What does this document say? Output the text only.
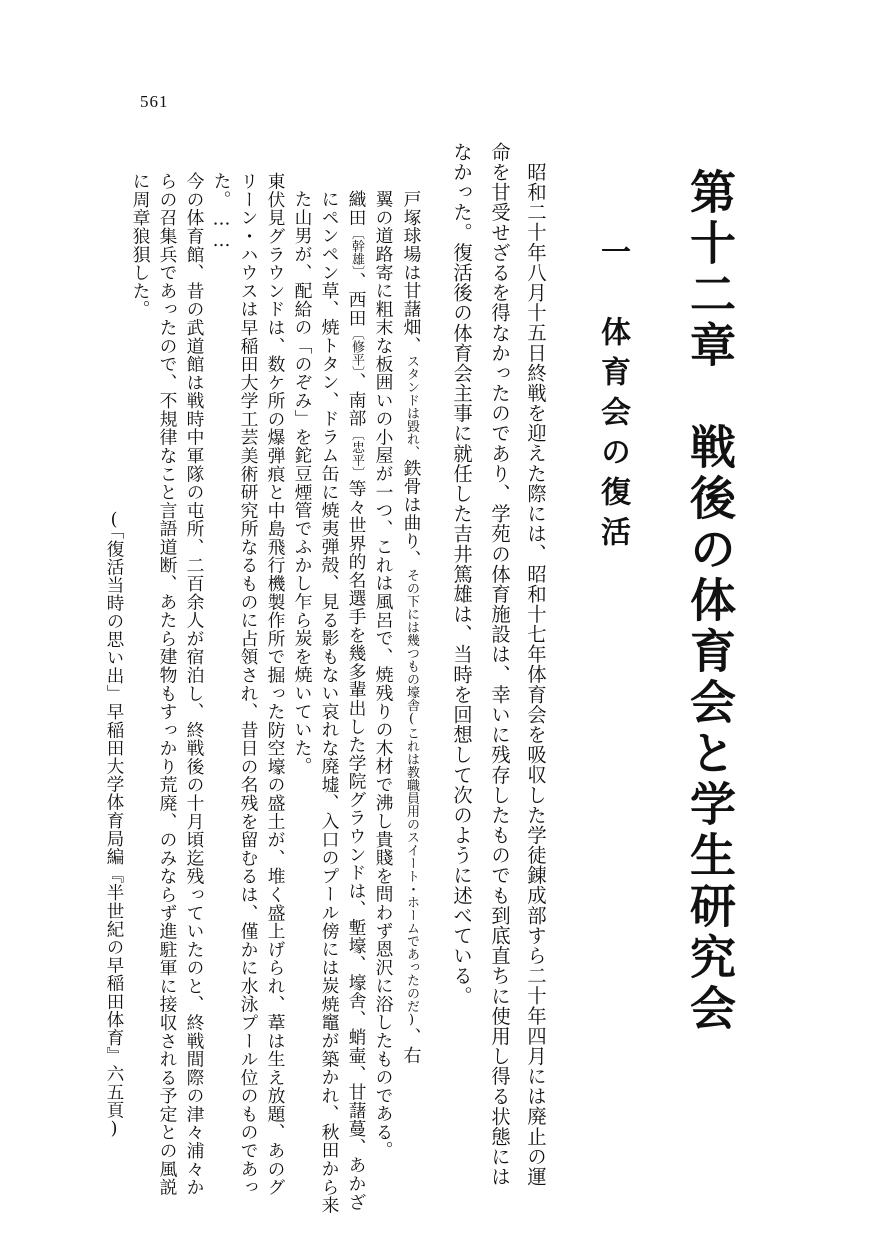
561
第十二章　戦後の体育会と学生研究会
一　体育会の復活

昭和二十年八月十五日終戦を迎えた際には、昭和十七年体育会を吸収した学徒錬成部すら二十年四月には廃止の運

命を甘受せざるを得なかったのであり、学苑の体育施設は、幸いに残存したものでも到底直ちに使用し得る状態には

なかった。復活後の体育会主事に就任した吉井篤雄は、当時を回想して次のように述べている。

戸塚球場は甘藷畑、スタンドは毀れ、鉄骨は曲り、その下には幾つもの壕舎(これは教職員用のスイート・ホームであったのだ)、右

翼の道路寄に粗末な板囲いの小屋が一つ、これは風呂で、焼残りの木材で沸し貴賤を問わず恩沢に浴したものである。

織田〔幹雄〕、西田〔修平〕、南部〔忠平〕等々世界的名選手を幾多輩出した学院グラウンドは、塹壕、壕舎、蛸壷、甘藷蔓、あかざ

にペンペン草、焼トタン、ドラム缶に焼夷弾殻、見る影もない哀れな廃墟、入口のプール傍には炭焼竈が築かれ、秋田から来

た山男が、配給の「のぞみ」を鉈豆煙管でふかし乍ら炭を焼いていた。

東伏見グラウンドは、数ケ所の爆弾痕と中島飛行機製作所で掘った防空壕の盛土が、堆く盛上げられ、葦は生え放題、あのグ

リーン・ハウスは早稲田大学工芸美術研究所なるものに占領され、昔日の名残を留むるは、僅かに水泳プール位のものであっ

た。……

今の体育館、昔の武道館は戦時中軍隊の屯所、二百余人が宿泊し、終戦後の十月頃迄残っていたのと、終戦間際の津々浦々か

らの召集兵であったので、不規律なこと言語道断、あたら建物もすっかり荒廃、のみならず進駐軍に接収される予定との風説

に周章狼狽した。

(「復活当時の思い出」早稲田大学体育局編『半世紀の早稲田体育』六五頁)
